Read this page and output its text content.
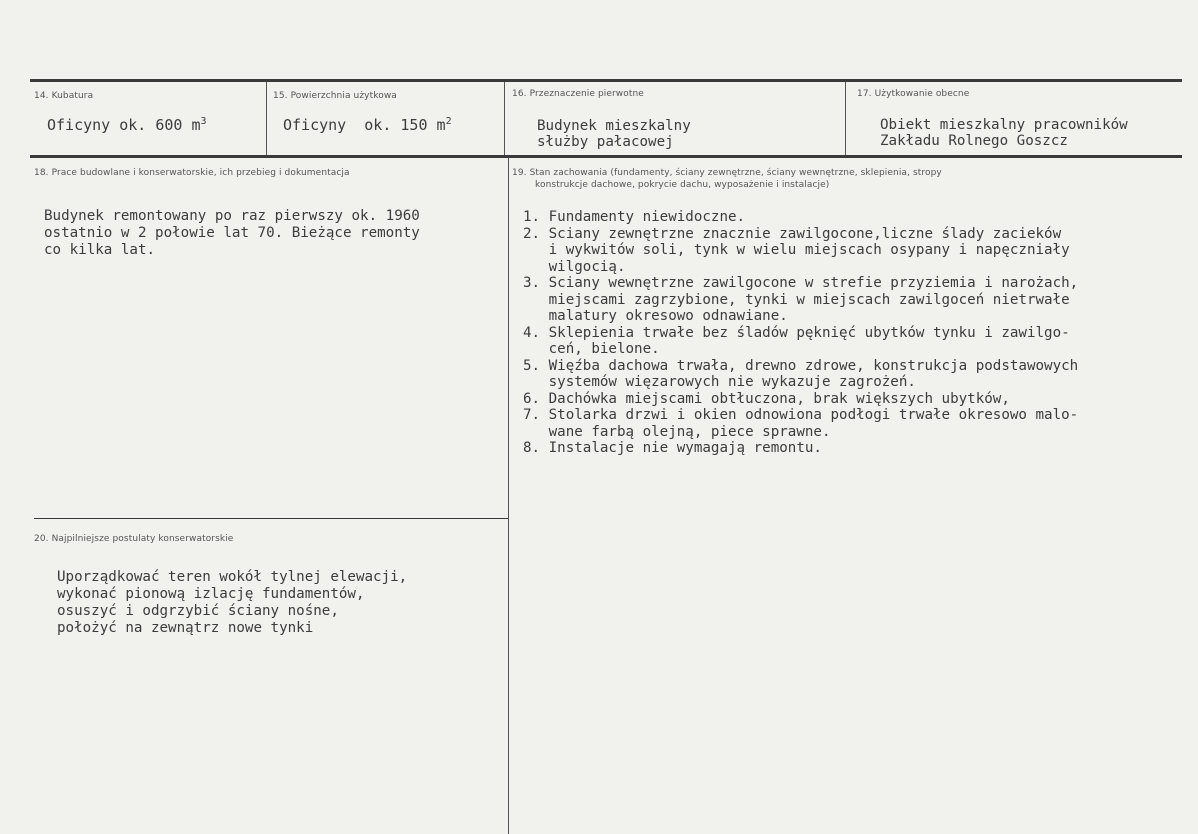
14. Kubatura
Oficyny ok. 600 $m^3$
15. Powierzchnia użytkowa
Oficyny  ok. 150 $m^2$
16. Przeznaczenie pierwotne
Budynek mieszkalny
służby pałacowej
17. Użytkowanie obecne
Obiekt mieszkalny pracowników
Zakładu Rolnego Goszcz
18. Prace budowlane i konserwatorskie, ich przebieg i dokumentacja
Budynek remontowany po raz pierwszy ok. 1960
ostatnio w 2 połowie lat 70. Bieżące remonty
co kilka lat.
19. Stan zachowania (fundamenty, ściany zewnętrzne, ściany wewnętrzne, sklepienia, stropy
konstrukcje dachowe, pokrycie dachu, wyposażenie i instalacje)
1. Fundamenty niewidoczne.
2. Sciany zewnętrzne znacznie zawilgocone,liczne ślady zacieków
i wykwitów soli, tynk w wielu miejscach osypany i napęczniały
wilgocią.
3. Sciany wewnętrzne zawilgocone w strefie przyziemia i narożach,
miejscami zagrzybione, tynki w miejscach zawilgoceń nietrwałe
malatury okresowo odnawiane.
4. Sklepienia trwałe bez śladów pęknięć ubytków tynku i zawilgo-
ceń, bielone.
5. Więźba dachowa trwała, drewno zdrowe, konstrukcja podstawowych
systemów więzarowych nie wykazuje zagrożeń.
6. Dachówka miejscami obtłuczona, brak większych ubytków,
7. Stolarka drzwi i okien odnowiona podłogi trwałe okresowo malo-
wane farbą olejną, piece sprawne.
8. Instalacje nie wymagają remontu.
20. Najpilniejsze postulaty konserwatorskie
Uporządkować teren wokół tylnej elewacji,
wykonać pionową izlację fundamentów,
osuszyć i odgrzybić ściany nośne,
położyć na zewnątrz nowe tynki
